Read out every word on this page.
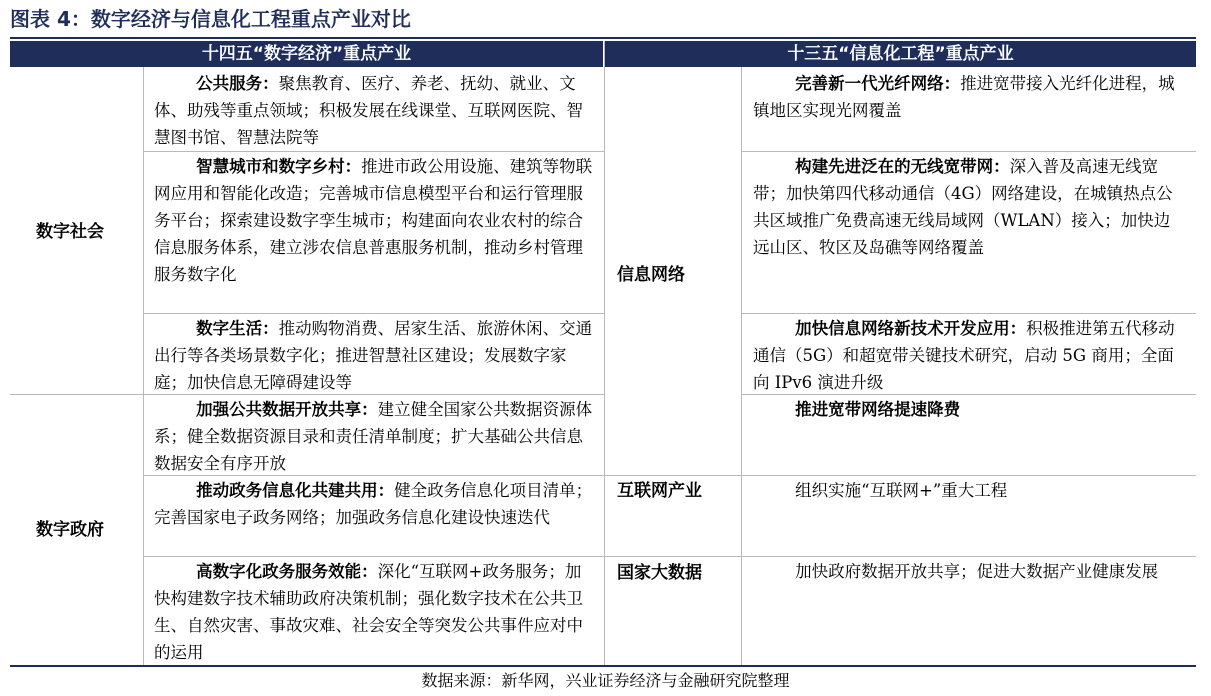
图表 4：数字经济与信息化工程重点产业对比
十四五“数字经济”重点产业	十三五“信息化工程”重点产业
数字社会
数字政府
公共服务：聚焦教育、医疗、养老、抚幼、就业、文体、助残等重点领域；积极发展在线课堂、互联网医院、智慧图书馆、智慧法院等
智慧城市和数字乡村：推进市政公用设施、建筑等物联网应用和智能化改造；完善城市信息模型平台和运行管理服务平台；探索建设数字孪生城市；构建面向农业农村的综合信息服务体系，建立涉农信息普惠服务机制，推动乡村管理服务数字化
数字生活：推动购物消费、居家生活、旅游休闲、交通出行等各类场景数字化；推进智慧社区建设；发展数字家庭；加快信息无障碍建设等
加强公共数据开放共享：建立健全国家公共数据资源体系；健全数据资源目录和责任清单制度；扩大基础公共信息数据安全有序开放
推动政务信息化共建共用：健全政务信息化项目清单；完善国家电子政务网络；加强政务信息化建设快速迭代
高数字化政务服务效能：深化“互联网+政务服务；加快构建数字技术辅助政府决策机制；强化数字技术在公共卫生、自然灾害、事故灾难、社会安全等突发公共事件应对中的运用
信息网络
互联网产业
国家大数据
完善新一代光纤网络：推进宽带接入光纤化进程，城镇地区实现光网覆盖
构建先进泛在的无线宽带网：深入普及高速无线宽带；加快第四代移动通信（4G）网络建设，在城镇热点公共区域推广免费高速无线局域网（WLAN）接入；加快边远山区、牧区及岛礁等网络覆盖
加快信息网络新技术开发应用：积极推进第五代移动通信（5G）和超宽带关键技术研究，启动 5G 商用；全面向 IPv6 演进升级
推进宽带网络提速降费
组织实施“互联网+”重大工程
加快政府数据开放共享；促进大数据产业健康发展
数据来源：新华网，兴业证券经济与金融研究院整理
